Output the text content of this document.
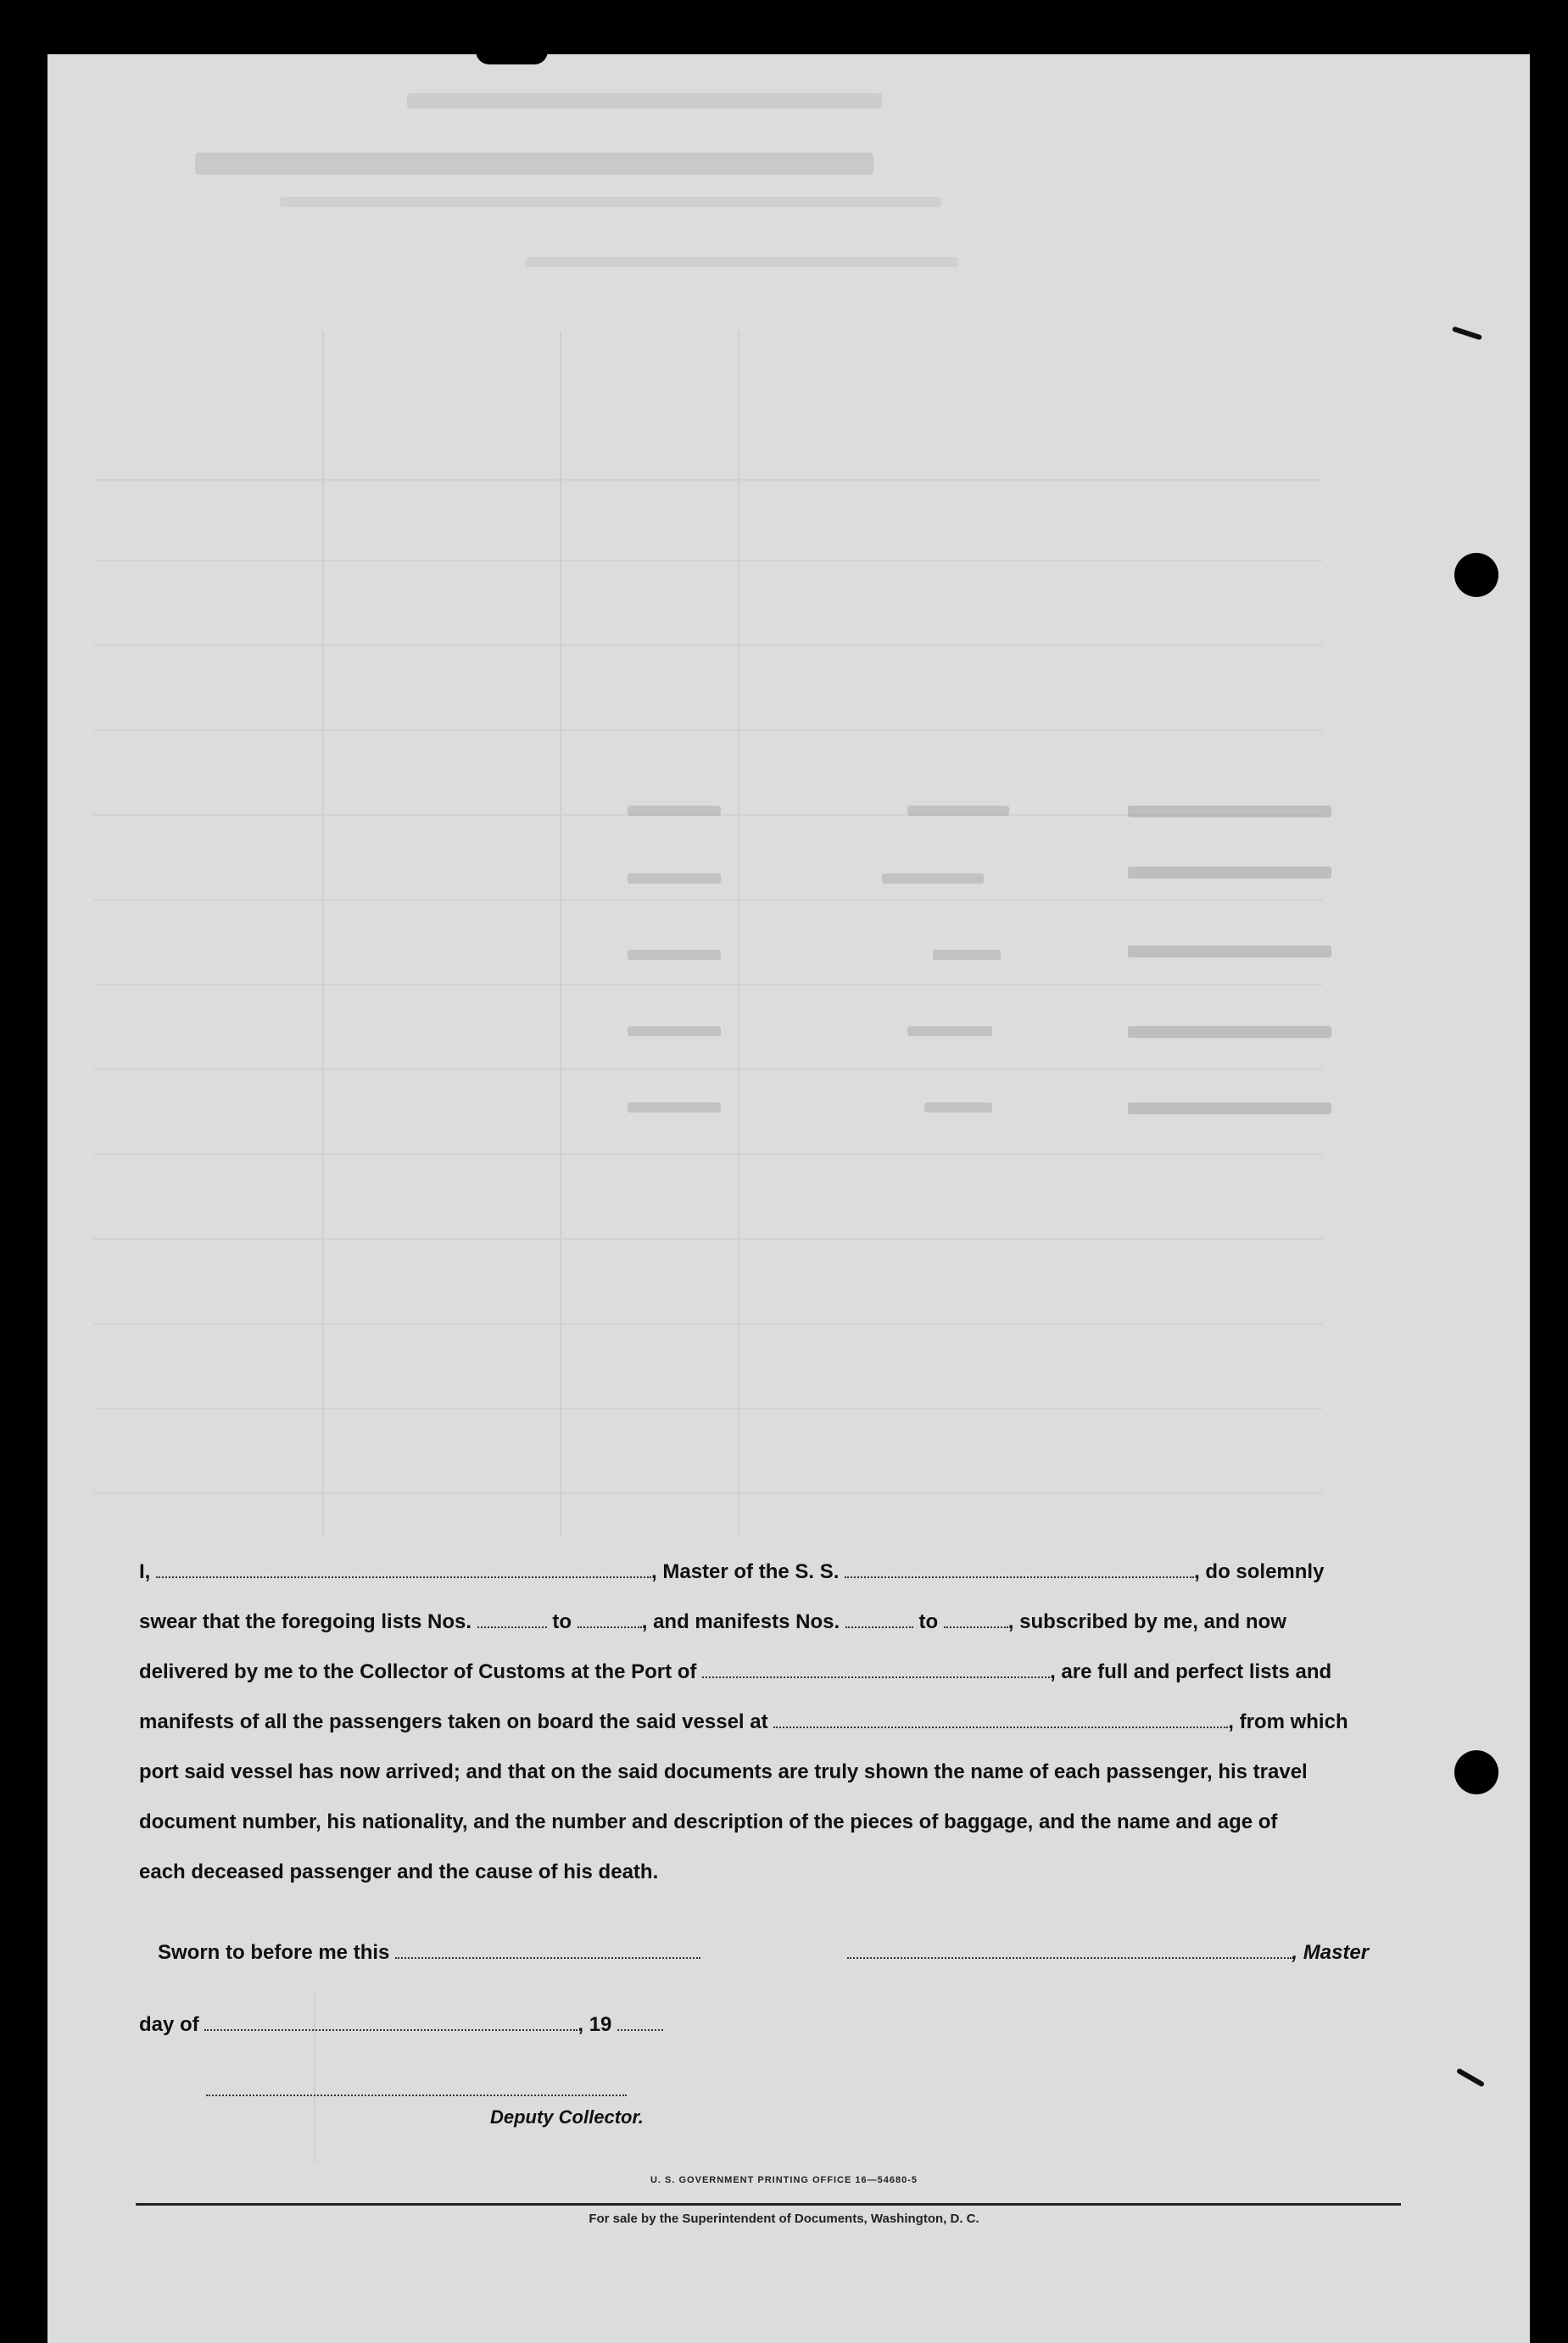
I,	, Master of the S. S.	, do solemnly
swear that the foregoing lists Nos.	to	, and manifests Nos.	to	, subscribed by me, and now
delivered by me to the Collector of Customs at the Port of	, are full and perfect lists and
manifests of all the passengers taken on board the said vessel at	, from which
port said vessel has now arrived; and that on the said documents are truly shown the name of each passenger, his travel
document number, his nationality, and the number and description of the pieces of baggage, and the name and age of
each deceased passenger and the cause of his death.
Sworn to before me this	, Master
day of	, 19
Deputy Collector.
U. S. GOVERNMENT PRINTING OFFICE 16—54680-5
For sale by the Superintendent of Documents, Washington, D. C.
